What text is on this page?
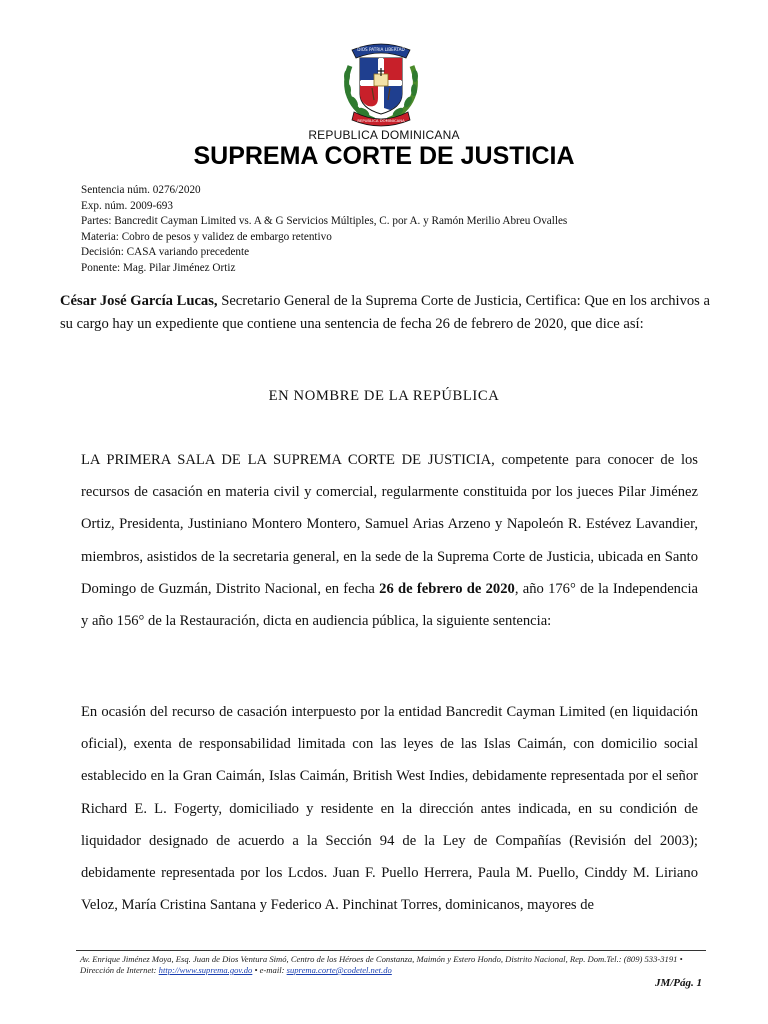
DIOS PATRIA LIBERTAD
REPUBLICA DOMINICANA
REPUBLICA DOMINICANA
SUPREMA CORTE DE JUSTICIA
Sentencia núm. 0276/2020
Exp. núm. 2009-693
Partes: Bancredit Cayman Limited vs. A & G Servicios Múltiples, C. por A. y Ramón Merilio Abreu Ovalles
Materia: Cobro de pesos y validez de embargo retentivo
Decisión: CASA variando precedente
Ponente: Mag. Pilar Jiménez Ortiz
César José García Lucas, Secretario General de la Suprema Corte de Justicia, Certifica: Que en los archivos a su cargo hay un expediente que contiene una sentencia de fecha 26 de febrero de 2020, que dice así:
EN NOMBRE DE LA REPÚBLICA
LA PRIMERA SALA DE LA SUPREMA CORTE DE JUSTICIA, competente para conocer de los recursos de casación en materia civil y comercial, regularmente constituida por los jueces Pilar Jiménez Ortiz, Presidenta, Justiniano Montero Montero, Samuel Arias Arzeno y Napoleón R. Estévez Lavandier, miembros, asistidos de la secretaria general, en la sede de la Suprema Corte de Justicia, ubicada en Santo Domingo de Guzmán, Distrito Nacional, en fecha 26 de febrero de 2020, año 176° de la Independencia y año 156° de la Restauración, dicta en audiencia pública, la siguiente sentencia:
En ocasión del recurso de casación interpuesto por la entidad Bancredit Cayman Limited (en liquidación oficial), exenta de responsabilidad limitada con las leyes de las Islas Caimán, con domicilio social establecido en la Gran Caimán, Islas Caimán, British West Indies, debidamente representada por el señor Richard E. L. Fogerty, domiciliado y residente en la dirección antes indicada, en su condición de liquidador designado de acuerdo a la Sección 94 de la Ley de Compañías (Revisión del 2003); debidamente representada por los Lcdos. Juan F. Puello Herrera, Paula M. Puello, Cinddy M. Liriano Veloz, María Cristina Santana y Federico A. Pinchinat Torres, dominicanos, mayores de
Av. Enrique Jiménez Moya, Esq. Juan de Dios Ventura Simó, Centro de los Héroes de Constanza, Maimón y Estero Hondo, Distrito Nacional, Rep. Dom.Tel.: (809) 533-3191 • Dirección de Internet: http://www.suprema.gov.do • e-mail: suprema.corte@codetel.net.do
JM/Pág. 1
